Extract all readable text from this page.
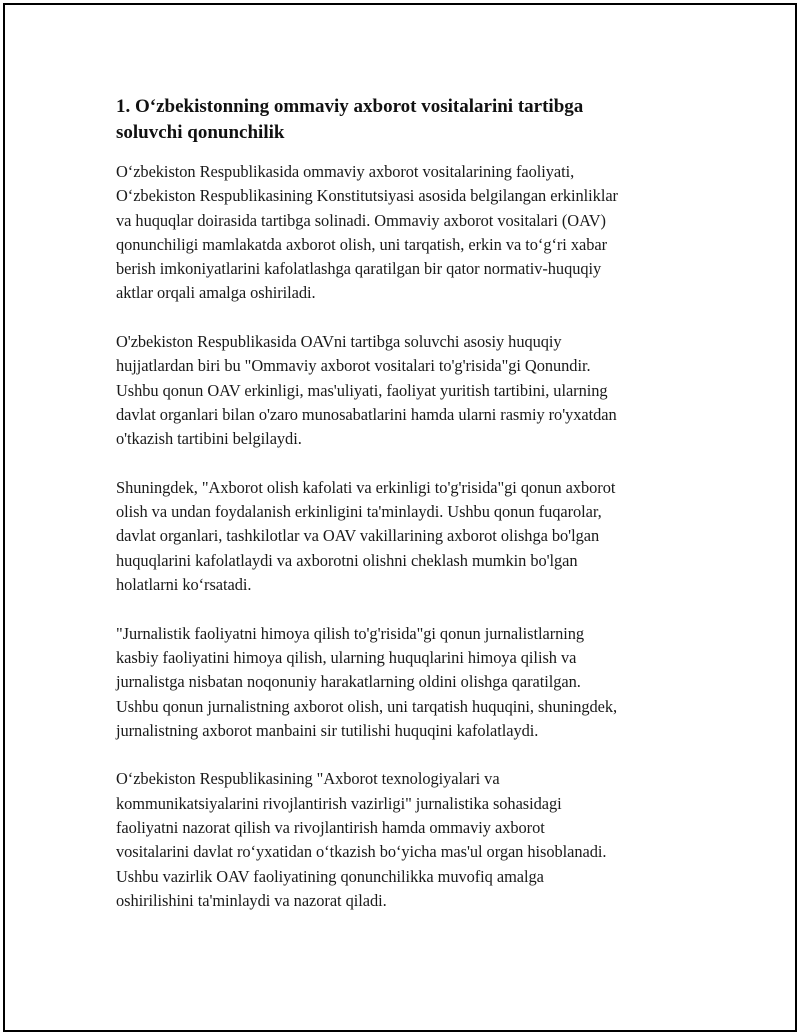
1. O‘zbekistonning ommaviy axborot vositalarini tartibga
soluvchi qonunchilik

O‘zbekiston Respublikasida ommaviy axborot vositalarining faoliyati,
O‘zbekiston Respublikasining Konstitutsiyasi asosida belgilangan erkinliklar
va huquqlar doirasida tartibga solinadi. Ommaviy axborot vositalari (OAV)
qonunchiligi mamlakatda axborot olish, uni tarqatish, erkin va to‘g‘ri xabar
berish imkoniyatlarini kafolatlashga qaratilgan bir qator normativ-huquqiy
aktlar orqali amalga oshiriladi.

O'zbekiston Respublikasida OAVni tartibga soluvchi asosiy huquqiy
hujjatlardan biri bu "Ommaviy axborot vositalari to'g'risida"gi Qonundir.
Ushbu qonun OAV erkinligi, mas'uliyati, faoliyat yuritish tartibini, ularning
davlat organlari bilan o'zaro munosabatlarini hamda ularni rasmiy ro'yxatdan
o'tkazish tartibini belgilaydi.

Shuningdek, "Axborot olish kafolati va erkinligi to'g'risida"gi qonun axborot
olish va undan foydalanish erkinligini ta'minlaydi. Ushbu qonun fuqarolar,
davlat organlari, tashkilotlar va OAV vakillarining axborot olishga bo'lgan
huquqlarini kafolatlaydi va axborotni olishni cheklash mumkin bo'lgan
holatlarni ko‘rsatadi.

"Jurnalistik faoliyatni himoya qilish to'g'risida"gi qonun jurnalistlarning
kasbiy faoliyatini himoya qilish, ularning huquqlarini himoya qilish va
jurnalistga nisbatan noqonuniy harakatlarning oldini olishga qaratilgan.
Ushbu qonun jurnalistning axborot olish, uni tarqatish huquqini, shuningdek,
jurnalistning axborot manbaini sir tutilishi huquqini kafolatlaydi.

O‘zbekiston Respublikasining "Axborot texnologiyalari va
kommunikatsiyalarini rivojlantirish vazirligi" jurnalistika sohasidagi
faoliyatni nazorat qilish va rivojlantirish hamda ommaviy axborot
vositalarini davlat ro‘yxatidan o‘tkazish bo‘yicha mas'ul organ hisoblanadi.
Ushbu vazirlik OAV faoliyatining qonunchilikka muvofiq amalga
oshirilishini ta'minlaydi va nazorat qiladi.
